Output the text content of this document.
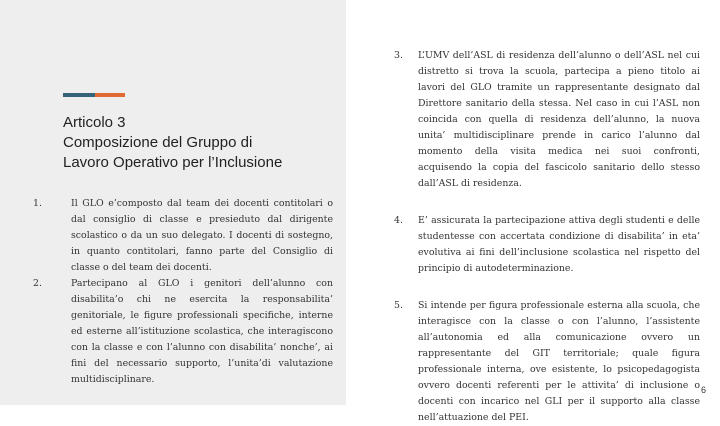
Articolo 3
Composizione del Gruppo di
Lavoro Operativo per l’Inclusione
1.	Il GLO e’composto dal team dei docenti contitolari o dal consiglio di classe e presieduto dal dirigente scolastico o da un suo delegato. I docenti di sostegno, in quanto contitolari, fanno parte del Consiglio di classe o del team dei docenti.
2.	Partecipano al GLO i genitori dell’alunno con disabilita’o chi ne esercita la responsabilita’ genitoriale, le figure professionali specifiche, interne ed esterne all’istituzione scolastica, che interagiscono con la classe e con l’alunno con disabilita’ nonche’, ai fini del necessario supporto, l’unita’di valutazione multidisciplinare.
3. L’UMV dell’ASL di residenza dell’alunno o dell’ASL nel cui distretto si trova la scuola, partecipa a pieno titolo ai lavori del GLO tramite un rappresentante designato dal Direttore sanitario della stessa. Nel caso in cui l’ASL non coincida con quella di residenza dell’alunno, la nuova unita’ multidisciplinare prende in carico l’alunno dal momento della visita medica nei suoi confronti, acquisendo la copia del fascicolo sanitario dello stesso dall’ASL di residenza.
4. E’ assicurata la partecipazione attiva degli studenti e delle studentesse con accertata condizione di disabilita’ in eta’ evolutiva ai fini dell’inclusione scolastica nel rispetto del principio di autodeterminazione.
5. Si intende per figura professionale esterna alla scuola, che interagisce con la classe o con l’alunno, l’assistente all’autonomia ed alla comunicazione ovvero un rappresentante del GIT territoriale; quale figura professionale interna, ove esistente, lo psicopedagogista ovvero docenti referenti per le attivita’ di inclusione o docenti con incarico nel GLI per il supporto alla classe nell’attuazione del PEI.
6
